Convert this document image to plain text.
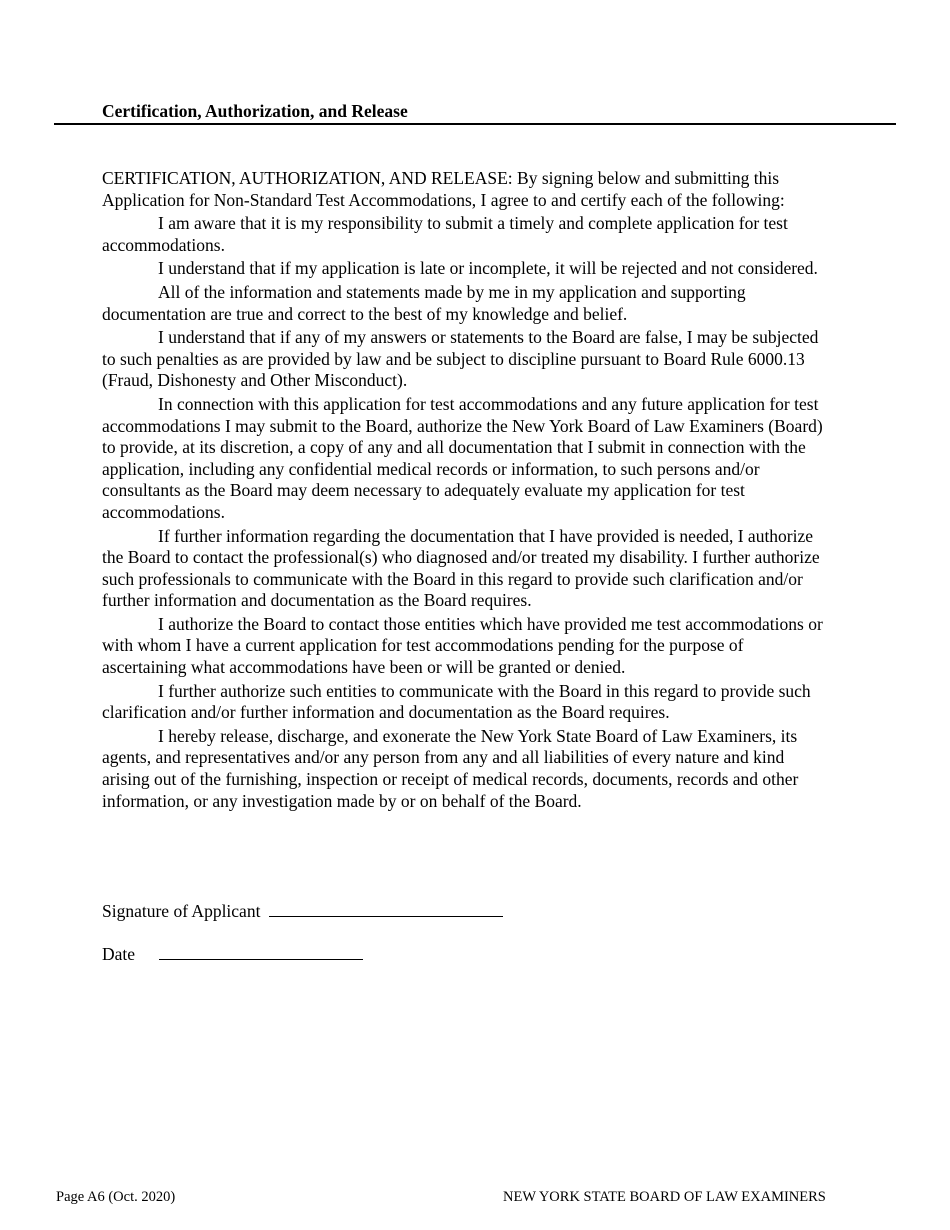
Certification, Authorization, and Release

CERTIFICATION, AUTHORIZATION, AND RELEASE: By signing below and submitting this Application for Non-Standard Test Accommodations, I agree to and certify each of the following:

I am aware that it is my responsibility to submit a timely and complete application for test accommodations.

I understand that if my application is late or incomplete, it will be rejected and not considered.

All of the information and statements made by me in my application and supporting documentation are true and correct to the best of my knowledge and belief.

I understand that if any of my answers or statements to the Board are false, I may be subjected to such penalties as are provided by law and be subject to discipline pursuant to Board Rule 6000.13 (Fraud, Dishonesty and Other Misconduct).

In connection with this application for test accommodations and any future application for test accommodations I may submit to the Board, authorize the New York Board of Law Examiners (Board) to provide, at its discretion, a copy of any and all documentation that I submit in connection with the application, including any confidential medical records or information, to such persons and/or consultants as the Board may deem necessary to adequately evaluate my application for test accommodations.

If further information regarding the documentation that I have provided is needed, I authorize the Board to contact the professional(s) who diagnosed and/or treated my disability. I further authorize such professionals to communicate with the Board in this regard to provide such clarification and/or further information and documentation as the Board requires.

I authorize the Board to contact those entities which have provided me test accommodations or with whom I have a current application for test accommodations pending for the purpose of ascertaining what accommodations have been or will be granted or denied.

I further authorize such entities to communicate with the Board in this regard to provide such clarification and/or further information and documentation as the Board requires.

I hereby release, discharge, and exonerate the New York State Board of Law Examiners, its agents, and representatives and/or any person from any and all liabilities of every nature and kind arising out of the furnishing, inspection or receipt of medical records, documents, records and other information, or any investigation made by or on behalf of the Board.

Signature of Applicant
Date
Page A6 (Oct. 2020)	NEW YORK STATE BOARD OF LAW EXAMINERS
